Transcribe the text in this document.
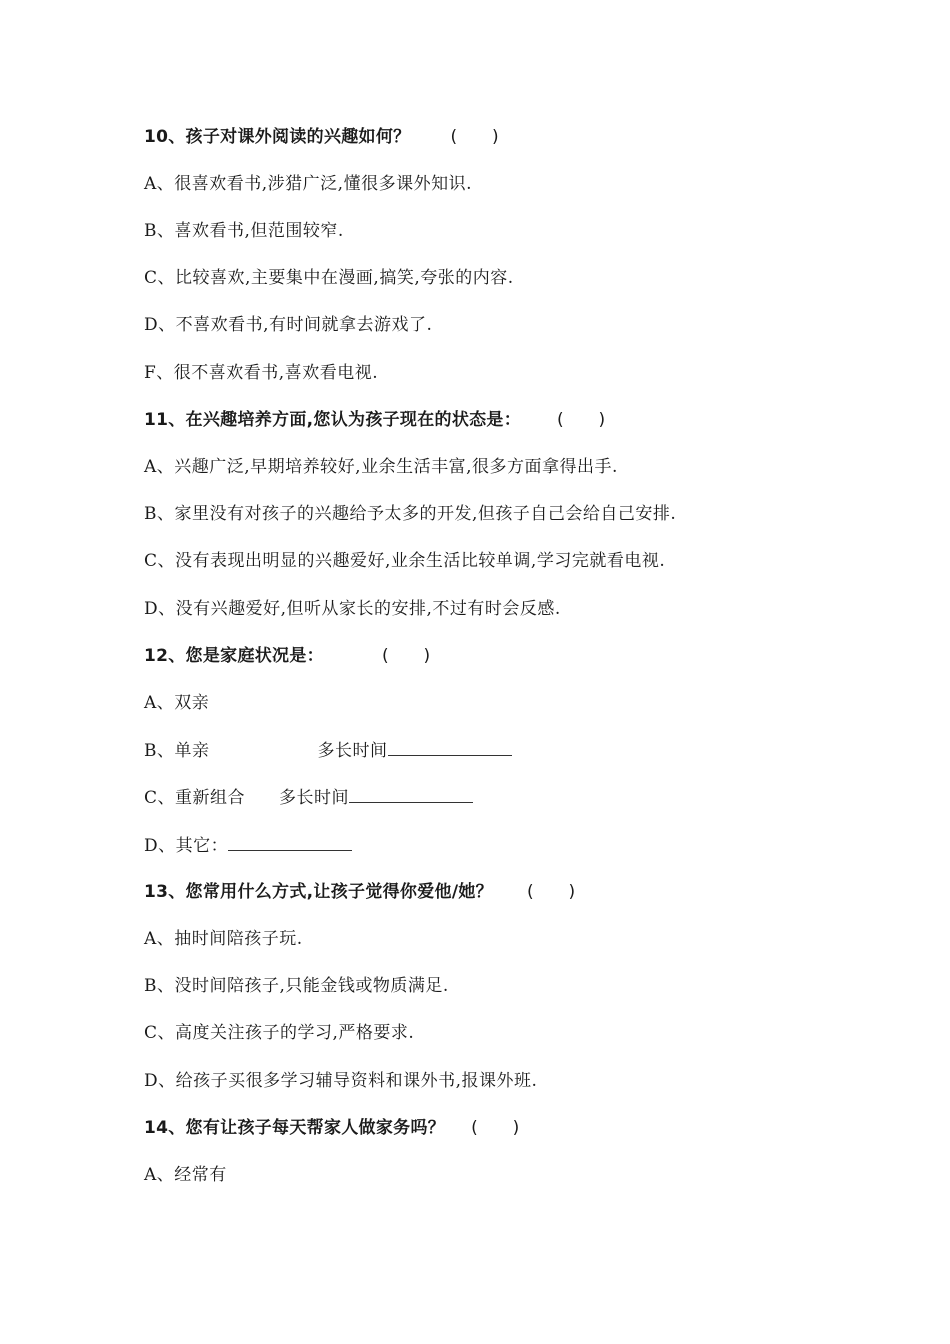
10、孩子对课外阅读的兴趣如何？ (　　)
A、很喜欢看书,涉猎广泛,懂很多课外知识.
B、喜欢看书,但范围较窄.
C、比较喜欢,主要集中在漫画,搞笑,夸张的内容.
D、不喜欢看书,有时间就拿去游戏了.
F、很不喜欢看书,喜欢看电视.
11、在兴趣培养方面,您认为孩子现在的状态是： (　　)
A、兴趣广泛,早期培养较好,业余生活丰富,很多方面拿得出手.
B、家里没有对孩子的兴趣给予太多的开发,但孩子自己会给自己安排.
C、没有表现出明显的兴趣爱好,业余生活比较单调,学习完就看电视.
D、没有兴趣爱好,但听从家长的安排,不过有时会反感.
12、您是家庭状况是：	(　　)
A、双亲
B、单亲	多长时间
C、重新组合 多长时间
D、其它：
13、您常用什么方式,让孩子觉得你爱他/她？ (　　)
A、抽时间陪孩子玩.
B、没时间陪孩子,只能金钱或物质满足.
C、高度关注孩子的学习,严格要求.
D、给孩子买很多学习辅导资料和课外书,报课外班.
14、您有让孩子每天帮家人做家务吗？ (　　)
A、经常有
